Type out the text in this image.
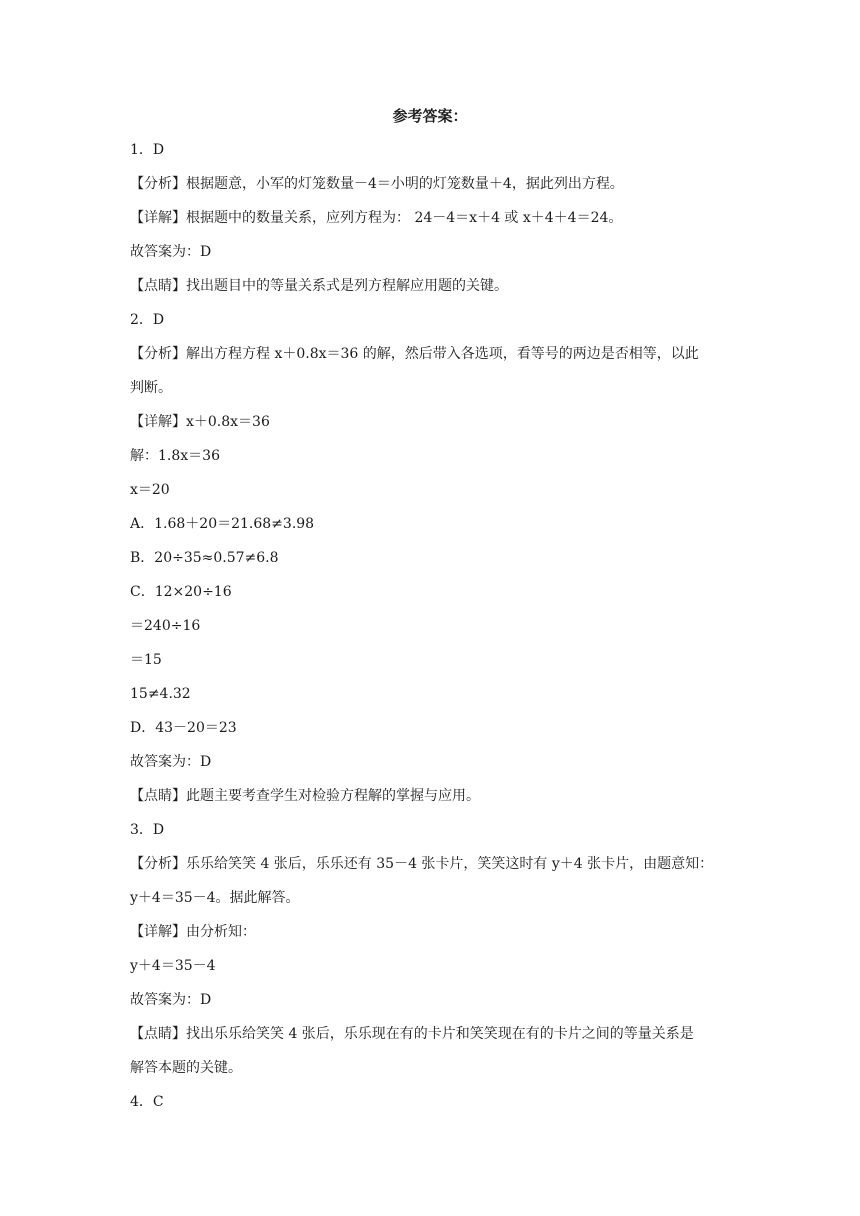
参考答案：
1．D
【分析】根据题意，小军的灯笼数量－4＝小明的灯笼数量＋4，据此列出方程。
【详解】根据题中的数量关系，应列方程为： 24－4＝x＋4 或 x＋4＋4＝24。
故答案为：D
【点睛】找出题目中的等量关系式是列方程解应用题的关键。
2．D
【分析】解出方程方程 x＋0.8x＝36 的解，然后带入各选项，看等号的两边是否相等，以此
判断。
【详解】x＋0.8x＝36
解：1.8x＝36
x＝20
A．1.68＋20＝21.68≠3.98
B．20÷35≈0.57≠6.8
C．12×20÷16
＝240÷16
＝15
15≠4.32
D．43－20＝23
故答案为：D
【点睛】此题主要考查学生对检验方程解的掌握与应用。
3．D
【分析】乐乐给笑笑 4 张后，乐乐还有 35－4 张卡片，笑笑这时有 y＋4 张卡片，由题意知：
y＋4＝35－4。据此解答。
【详解】由分析知：
y＋4＝35－4
故答案为：D
【点睛】找出乐乐给笑笑 4 张后，乐乐现在有的卡片和笑笑现在有的卡片之间的等量关系是
解答本题的关键。
4．C
